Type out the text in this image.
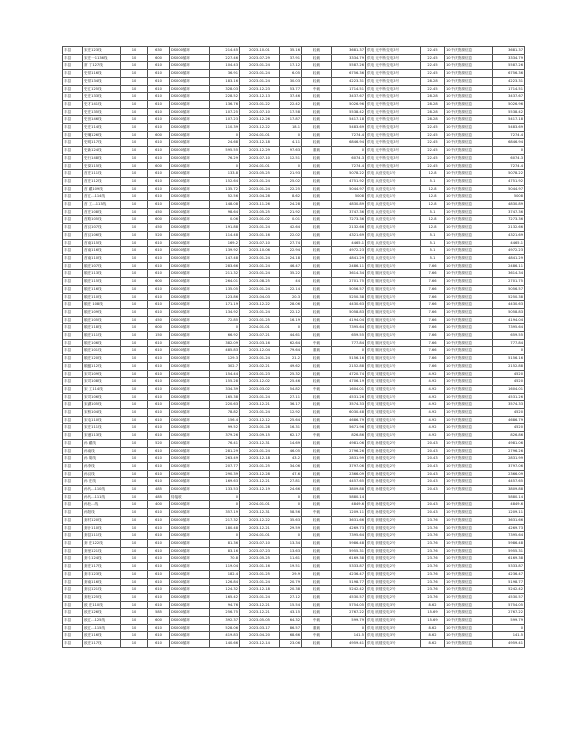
丰县	宋庄123线	10	630	DS000循环	214.45	2023-10-01	35.16	轻载	3681.37	供电 无中断变电3号	22.45	10千伏资源信息	3681.37
丰县	宋庄一1136线	10	600	DS000循环	227.46	2023-07-29	37.91	轻载	3334.79	供电 无中断变电3号	22.45	10千伏资源信息	3334.79
丰县	常 丁127线	10	610	DS000循环	104.43	2023-01-24	17.12	轻载	5587.26	供电 无中断变电3号	22.45	10千伏资源信息	5587.26
丰县	史常116线	10	610	DS000循环	36.91	2023-01-24	6.05	轻载	6756.36	供电 无中断变电3号	22.45	10千伏资源信息	6756.36
丰县	史常134线	10	610	DS000循环	183.16	2023-01-24	30.03	轻载	4223.31	供电 无中断变电3号	28.28	10千伏资源信息	4223.31
丰县	史汇125线	10	610	DS000循环	328.03	2023-12-23	53.77	中载	1714.51	供电 无中断变电3号	22.45	10千伏资源信息	1714.51
丰县	史庄133线	10	610	DS000循环	228.52	2023-12-13	37.46	轻载	3437.67	供电 无中断变电3号	28.28	10千伏资源信息	3437.67
丰县	史才141线	10	610	DS000循环	136.76	2023-01-22	22.42	轻载	5026.96	供电 无中断变电3号	28.28	10千伏资源信息	5026.96
丰县	史庄135线	10	610	DS000循环	107.25	2023-07-10	17.58	轻载	5538.42	供电 无中断变电3号	28.28	10千伏资源信息	5538.42
丰县	史田146线	10	610	DS000循环	107.23	2023-12-26	17.87	轻载	5417.18	供电 无中断变电3号	28.28	10千伏资源信息	5417.18
丰县	史庄114线	10	610	DS000循环	110.39	2023-12-22	18.1	轻载	5483.69	供电 无中断变电3号	22.45	10千伏资源信息	5483.69
丰县	史嘴126线	10	600	DS000循环	0	2024-01-01	0	轻载	7274.4	供电 无中断变电3号	22.45	10千伏资源信息	7274.4
丰县	史明117线	10	610	DS000循环	24.68	2023-12-18	4.11	轻载	6846.94	供电 无中断变电3号	22.45	10千伏资源信息	6846.94
丰县	史新124线	10	610	DS000循环	595.55	2023-12-29	97.63	重载	0	供电 无中断变电3号	22.45	10千伏资源信息	0
丰县	史行148线	10	610	DS000循环	76.29	2023-07-10	12.51	轻载	6074.3	供电 无中断变电3号	22.45	10千伏资源信息	6074.3
丰县	史岗115线	10	600	DS000循环	0	2024-01-01	0	轻载	7274.4	供电 无中断变电3号	22.45	10千伏资源信息	7274.4
丰县	首庄111线	10	610	DS000循环	133.8	2023-05-25	21.93	轻载	5078.22	供电 兵营变电1号	12.8	10千伏资源信息	5078.22
丰县	首庄112线	10	610	DS000循环	152.64	2023-01-24	25.02	轻载	4751.92	供电 兵营变电1号	5.1	10千伏资源信息	4751.92
丰县	首 藏109线	10	610	DS000循环	135.72	2023-01-24	22.25	轻载	5044.97	供电 兵营变电1号	12.8	10千伏资源信息	5044.97
丰县	首汇...114线	10	610	DS000循环	52.56	2023-04-28	8.62	轻载	5008	供电 兵营变电1号	12.8	10千伏资源信息	5008
丰县	首 工...113线	10	610	DS000循环	148.08	2023-11-26	24.28	轻载	4830.89	供电 兵营变电1号	12.8	10千伏资源信息	4830.89
丰县	首庄108线	10	450	DS000循环	98.64	2023-05-25	21.92	轻载	3747.36	供电 兵营变电1号	5.1	10千伏资源信息	3747.36
丰县	首路105线	10	600	DS000循环	0.06	2023-01-02	0.01	轻载	7273.36	供电 兵营变电1号	12.8	10千伏资源信息	7273.36
丰县	首汉107线	10	450	DS000循环	191.88	2023-01-24	42.64	轻载	2132.66	供电 兵营变电1号	12.8	10千伏资源信息	2132.66
丰县	首汉106线	10	520	DS000循环	114.48	2023-01-16	22.02	轻载	4321.69	供电 兵营变电1号	5.1	10千伏资源信息	4321.69
丰县	首南115线	10	610	DS000循环	169.2	2023-07-10	27.74	轻载	4465.1	供电 兵营变电1号	5.1	10千伏资源信息	4465.1
丰县	首南116线	10	610	DS000循环	139.92	2023-10-06	22.94	轻载	4972.23	供电 兵营变电1号	5.1	10千伏资源信息	4972.23
丰县	首南110线	10	610	DS000循环	147.48	2023-01-24	24.18	轻载	4841.29	供电 兵营变电1号	5.1	10千伏资源信息	4841.29
丰县	顺庄107线	10	610	DS000循环	283.66	2023-01-24	46.47	轻载	2486.11	供电 顺河变电1号	7.66	10千伏资源信息	2486.11
丰县	顺庄113线	10	610	DS000循环	211.32	2023-01-24	35.22	轻载	3614.34	供电 顺河变电1号	7.66	10千伏资源信息	3614.34
丰县	顺庄115线	10	600	DS000循环	264.01	2023-08-25	44	轻载	2701.75	供电 顺河变电1号	7.66	10千伏资源信息	2701.75
丰县	顺庄116线	10	610	DS000循环	135.05	2023-01-24	22.14	轻载	5056.57	供电 顺河变电1号	7.66	10千伏资源信息	5056.57
丰县	顺庄110线	10	610	DS000循环	123.86	2023-04-03	20.3	轻载	5250.38	供电 顺河变电1号	7.66	10千伏资源信息	5250.38
丰县	顺庄 108线	10	610	DS000循环	171.19	2023-12-22	28.06	轻载	4430.63	供电 顺河变电1号	7.66	10千伏资源信息	4430.63
丰县	顺庄109线	10	610	DS000循环	134.92	2023-01-24	22.12	轻载	5058.83	供电 顺河变电1号	7.66	10千伏资源信息	5058.83
丰县	顺庄105线	10	450	DS000循环	72.85	2023-01-25	16.19	轻载	4194.04	供电 顺河变电1号	7.66	10千伏资源信息	4194.04
丰县	顺庄118线	10	600	DS000循环	0	2024-01-01	0	轻载	7395.64	供电 顺河变电1号	7.66	10千伏资源信息	7395.64
丰县	顺庄111线	10	150	DS000循环	66.92	2023-07-21	44.61	轻载	659.55	供电 顺河变电1号	7.66	10千伏资源信息	659.55
丰县	顺庄106线	10	610	DS000循环	382.09	2023-03-16	62.64	中载	777.84	供电 顺河变电1号	7.66	10千伏资源信息	777.84
丰县	顺庄101线	10	610	DS000循环	485.83	2023-12-04	79.64	重载	0	供电 顺河变电1号	7.66	10千伏资源信息	0
丰县	顺庄120线	10	610	DS000循环	129.3	2023-01-24	21.2	轻载	5156.16	供电 顺河变电1号	7.66	10千伏资源信息	5156.16
丰县	顺蕴112线	10	610	DS000循环	302.7	2023-02-21	49.62	轻载	2152.88	供电 顺河变电1号	7.66	10千伏资源信息	2152.88
丰县	宋司109线	10	610	DS000循环	154.44	2023-01-23	25.32	轻载	4720.74	供电 宋楼变电1号	4.92	10千伏资源信息	4520
丰县	宋司108线	10	610	DS000循环	155.28	2023-12-02	25.46	轻载	4706.19	供电 宋楼变电1号	4.92	10千伏资源信息	4520
丰县	宋 工114线	10	610	DS000循环	334.39	2023-03-02	54.82	中载	1604.01	供电 宋楼变电1号	4.92	10千伏资源信息	1604.01
丰县	宋司106线	10	610	DS000循环	165.38	2023-01-24	27.11	轻载	4531.26	供电 宋楼变电1号	4.92	10千伏资源信息	4531.26
丰县	宋湖105线	10	610	DS000循环	220.63	2023-12-21	36.17	轻载	3574.33	供电 宋楼变电1号	4.92	10千伏资源信息	3574.33
丰县	宋桥104线	10	610	DS000循环	78.82	2023-01-24	12.92	轻载	6030.48	供电 宋楼变电1号	4.92	10千伏资源信息	4520
丰县	宋屯110线	10	610	DS000循环	156.4	2023-12-12	25.64	轻载	4686.79	供电 宋楼变电1号	4.92	10千伏资源信息	4686.79
丰县	宋庄111线	10	610	DS000循环	99.52	2023-01-28	16.31	轻载	5671.96	供电 宋楼变电1号	4.92	10千伏资源信息	4520
丰县	宋港113线	10	610	DS000循环	379.26	2023-09-15	62.17	中载	826.86	供电 宋楼变电1号	4.92	10千伏资源信息	826.86
丰县	孙 藏线	10	520	DS000循环	76.41	2023-12-31	14.69	轻载	4981.06	供电 孙楼变电2号	20.43	10千伏资源信息	4981.06
丰县	孙南线	10	610	DS000循环	281.29	2023-01-24	46.05	轻载	2796.26	供电 孙楼变电2号	20.43	10千伏资源信息	2796.26
丰县	孙 胡线	10	610	DS000循环	263.49	2023-12-18	43.2	轻载	2831.99	供电 孙楼变电2号	20.43	10千伏资源信息	2831.99
丰县	孙李线	10	610	DS000循环	207.77	2023-01-25	34.06	轻载	3797.06	供电 孙楼变电2号	20.43	10千伏资源信息	3797.06
丰县	孙汉线	10	610	DS000循环	290.39	2023-12-28	47.6	轻载	2366.09	供电 孙楼变电2号	20.43	10千伏资源信息	2366.09
丰县	孙 庄线	10	610	DS000循环	169.63	2023-12-21	27.81	轻载	4457.65	供电 孙楼变电2号	20.43	10千伏资源信息	4457.65
丰县	孙代...110线	10	485	DS000循环	133.53	2023-12-19	24.66	轻载	3809.88	供电 孙楼变电2号	20.43	10千伏资源信息	3809.88
丰县	孙代...111线	10	485	待接收	0		0	轻载	5880.14				5880.14
丰县	孙杜...线	10	400	DS000循环	0	2024-01-01	0	轻载	4849.6	供电 孙楼变电2号	20.43	10千伏资源信息	4849.6
丰县	孙阳线	10	610	DS000循环	357.19	2023-12-31	58.56	中载	1209.11	供电 孙楼变电2号	20.43	10千伏资源信息	1209.11
丰县	套村120线	10	610	DS000循环	217.32	2023-12-22	35.63	轻载	3631.66	供电 套楼变电2号	23.76	10千伏资源信息	3631.66
丰县	套汁110线	10	610	DS000循环	180.48	2023-12-21	29.59	轻载	4269.73	供电 套楼变电2号	23.76	10千伏资源信息	4269.73
丰县	套县111线	10	610	DS000循环	0	2024-01-01	0	轻载	7395.64	供电 套楼变电2号	23.76	10千伏资源信息	7395.64
丰县	套 庄122线	10	610	DS000循环	81.36	2023-07-10	13.34	轻载	5986.48	供电 套楼变电2号	23.76	10千伏资源信息	5986.48
丰县	套里121线	10	610	DS000循环	83.16	2023-07-23	13.63	轻载	5955.31	供电 套楼变电2号	23.76	10千伏资源信息	5955.31
丰县	套斗124线	10	610	DS000循环	70.8	2023-05-25	11.61	轻载	6169.38	供电 套楼变电2号	23.76	10千伏资源信息	6169.38
丰县	套庄117线	10	610	DS000循环	119.04	2023-01-16	19.51	轻载	5333.87	供电 套楼变电2号	23.76	10千伏资源信息	5333.87
丰县	套丰123线	10	610	DS000循环	182.4	2023-01-25	29.9	轻载	4236.47	供电 套楼变电2号	23.76	10千伏资源信息	4236.47
丰县	套南116线	10	610	DS000循环	126.84	2023-01-24	20.79	轻载	5198.77	供电 套楼变电2号	23.76	10千伏资源信息	5198.77
丰县	套汉121线	10	610	DS000循环	124.32	2023-12-18	20.38	轻载	5242.42	供电 套楼变电2号	23.76	10千伏资源信息	5242.42
丰县	套杜125线	10	610	DS000循环	165.42	2023-01-24	27.12	轻载	4530.57	供电 套楼变电2号	23.76	10千伏资源信息	4530.57
丰县	欧 庄110线	10	610	DS000循环	94.76	2023-12-21	15.54	轻载	5754.05	供电 欧楼变电3号	8.62	10千伏资源信息	5754.05
丰县	欧庄126线	10	585	DS000循环	256.75	2023-12-21	43.15	轻载	2767.22	供电 欧楼变电3号	15.69	10千伏资源信息	2767.22
丰县	欧汇...125线	10	600	DS000循环	392.37	2023-05-05	64.32	中载	599.79	供电 欧楼变电3号	15.69	10千伏资源信息	599.79
丰县	欧汇...115线	10	610	DS000循环	528.06	2023-03-17	86.57	重载	0	供电 欧楼变电3号	8.62	10千伏资源信息	0
丰县	欧庄116线	10	610	DS000循环	419.83	2023-04-20	68.66	中载	141.5	供电 欧楼变电3号	8.62	10千伏资源信息	141.5
丰县	欧庄117线	10	610	DS000循环	140.66	2023-12-14	23.06	轻载	4959.41	供电 欧楼变电3号	8.62	10千伏资源信息	4959.41
